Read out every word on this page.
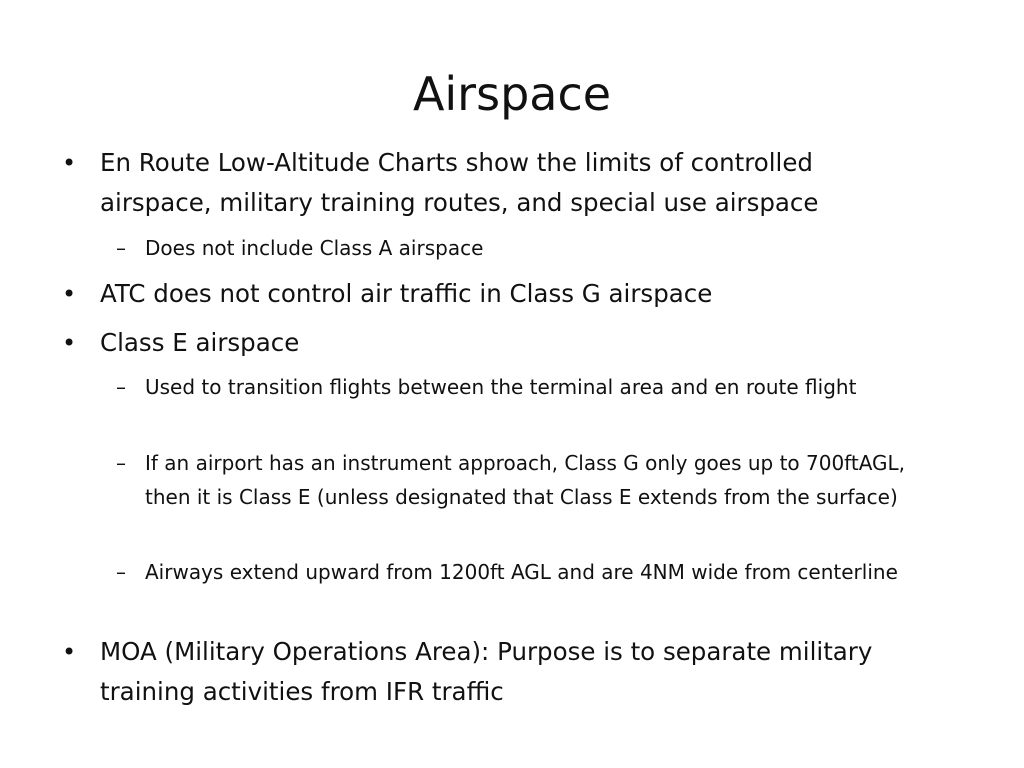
Airspace
• En Route Low-Altitude Charts show the limits of controlled airspace, military training routes, and special use airspace

– Does not include Class A airspace

• ATC does not control air traffic in Class G airspace

• Class E airspace

– Used to transition flights between the terminal area and en route flight

– If an airport has an instrument approach, Class G only goes up to 700ftAGL, then it is Class E (unless designated that Class E extends from the surface)

– Airways extend upward from 1200ft AGL and are 4NM wide from centerline

• MOA (Military Operations Area): Purpose is to separate military training activities from IFR traffic
